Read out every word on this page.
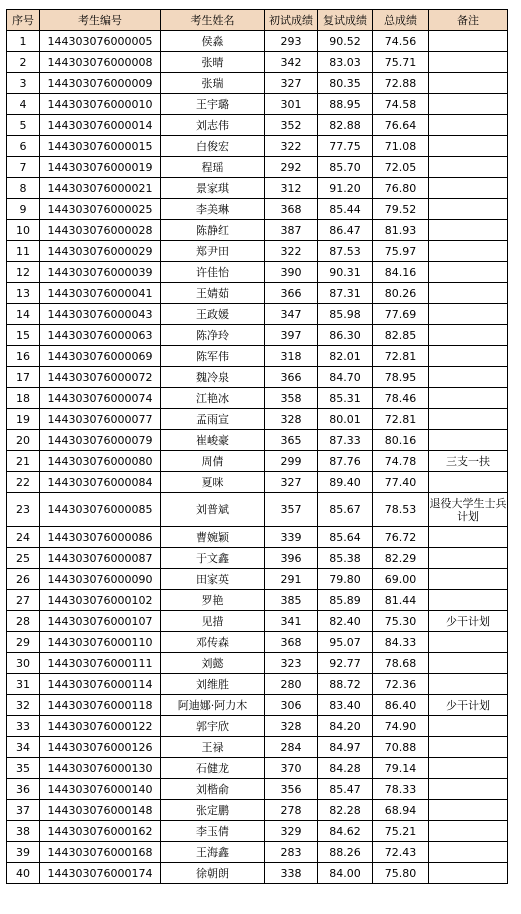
序号	考生编号	考生姓名	初试成绩	复试成绩	总成绩	备注
1	144303076000005	侯淼	293	90.52	74.56	
2	144303076000008	张晴	342	83.03	75.71	
3	144303076000009	张瑞	327	80.35	72.88	
4	144303076000010	王宇璐	301	88.95	74.58	
5	144303076000014	刘志伟	352	82.88	76.64	
6	144303076000015	白俊宏	322	77.75	71.08	
7	144303076000019	程瑶	292	85.70	72.05	
8	144303076000021	景家琪	312	91.20	76.80	
9	144303076000025	李美琳	368	85.44	79.52	
10	144303076000028	陈静红	387	86.47	81.93	
11	144303076000029	郑尹田	322	87.53	75.97	
12	144303076000039	许佳怡	390	90.31	84.16	
13	144303076000041	王婧茹	366	87.31	80.26	
14	144303076000043	王政媛	347	85.98	77.69	
15	144303076000063	陈净玲	397	86.30	82.85	
16	144303076000069	陈军伟	318	82.01	72.81	
17	144303076000072	魏冷泉	366	84.70	78.95	
18	144303076000074	江艳冰	358	85.31	78.46	
19	144303076000077	孟雨宣	328	80.01	72.81	
20	144303076000079	崔峻豪	365	87.33	80.16	
21	144303076000080	周倩	299	87.76	74.78	三支一扶
22	144303076000084	夏咪	327	89.40	77.40	
23	144303076000085	刘普斌	357	85.67	78.53	退役大学生士兵计划
24	144303076000086	曹婉颖	339	85.64	76.72	
25	144303076000087	于文鑫	396	85.38	82.29	
26	144303076000090	田家英	291	79.80	69.00	
27	144303076000102	罗艳	385	85.89	81.44	
28	144303076000107	见措	341	82.40	75.30	少干计划
29	144303076000110	邓传森	368	95.07	84.33	
30	144303076000111	刘懿	323	92.77	78.68	
31	144303076000114	刘维胜	280	88.72	72.36	
32	144303076000118	阿迪娜·阿力木	306	83.40	86.40	少干计划
33	144303076000122	郭宇欣	328	84.20	74.90	
34	144303076000126	王禄	284	84.97	70.88	
35	144303076000130	石健龙	370	84.28	79.14	
36	144303076000140	刘楷俞	356	85.47	78.33	
37	144303076000148	张定鹏	278	82.28	68.94	
38	144303076000162	李玉倩	329	84.62	75.21	
39	144303076000168	王海鑫	283	88.26	72.43	
40	144303076000174	徐朝朗	338	84.00	75.80	
